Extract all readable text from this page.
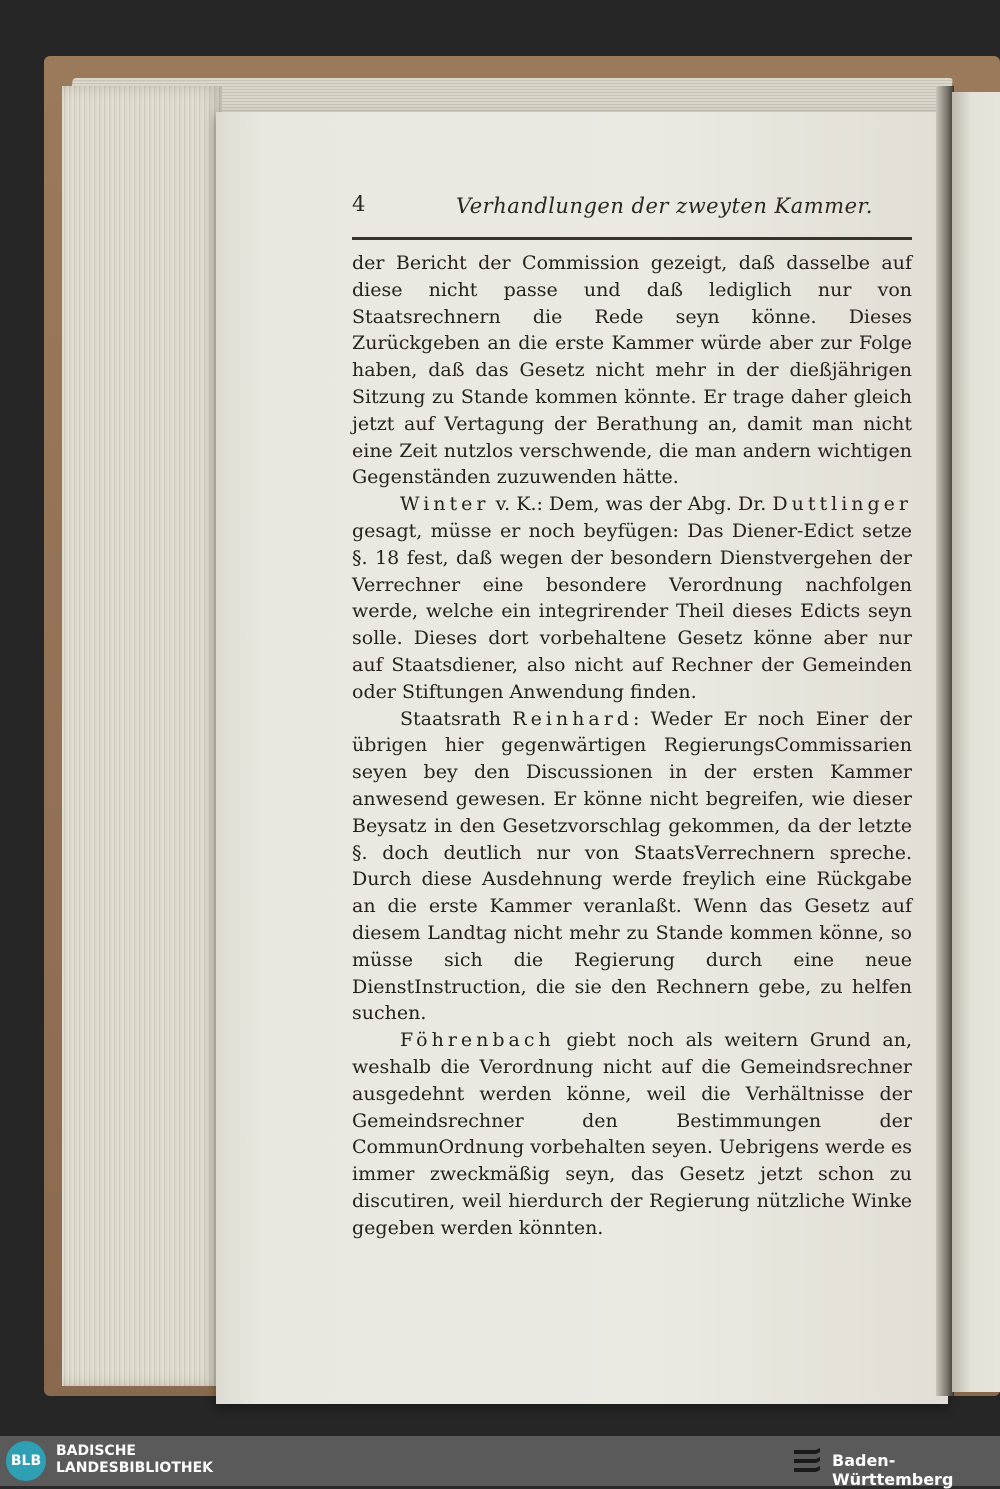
4	Verhandlungen der zweyten Kammer.

der Bericht der Commission gezeigt, daß dasselbe auf diese nicht passe und daß lediglich nur von Staatsrechnern die Rede seyn könne. Dieses Zurückgeben an die erste Kammer würde aber zur Folge haben, daß das Gesetz nicht mehr in der dießjährigen Sitzung zu Stande kommen könnte. Er trage daher gleich jetzt auf Vertagung der Berathung an, damit man nicht eine Zeit nutzlos verschwende, die man andern wichtigen Gegenständen zuzuwenden hätte.

Winter v. K.: Dem, was der Abg. Dr. Duttlinger gesagt, müsse er noch beyfügen: Das Diener-Edict setze §. 18 fest, daß wegen der besondern Dienstvergehen der Verrechner eine besondere Verordnung nachfolgen werde, welche ein integrirender Theil dieses Edicts seyn solle. Dieses dort vorbehaltene Gesetz könne aber nur auf Staatsdiener, also nicht auf Rechner der Gemeinden oder Stiftungen Anwendung finden.

Staatsrath Reinhard: Weder Er noch Einer der übrigen hier gegenwärtigen RegierungsCommissarien seyen bey den Discussionen in der ersten Kammer anwesend gewesen. Er könne nicht begreifen, wie dieser Beysatz in den Gesetzvorschlag gekommen, da der letzte §. doch deutlich nur von StaatsVerrechnern spreche. Durch diese Ausdehnung werde freylich eine Rückgabe an die erste Kammer veranlaßt. Wenn das Gesetz auf diesem Landtag nicht mehr zu Stande kommen könne, so müsse sich die Regierung durch eine neue DienstInstruction, die sie den Rechnern gebe, zu helfen suchen.

Föhrenbach giebt noch als weitern Grund an, weshalb die Verordnung nicht auf die Gemeindsrechner ausgedehnt werden könne, weil die Verhältnisse der Gemeindsrechner den Bestimmungen der CommunOrdnung vorbehalten seyen. Uebrigens werde es immer zweckmäßig seyn, das Gesetz jetzt schon zu discutiren, weil hierdurch der Regierung nützliche Winke gegeben werden könnten.

BLB
BADISCHE
LANDESBIBLIOTHEK	Baden-Württemberg
